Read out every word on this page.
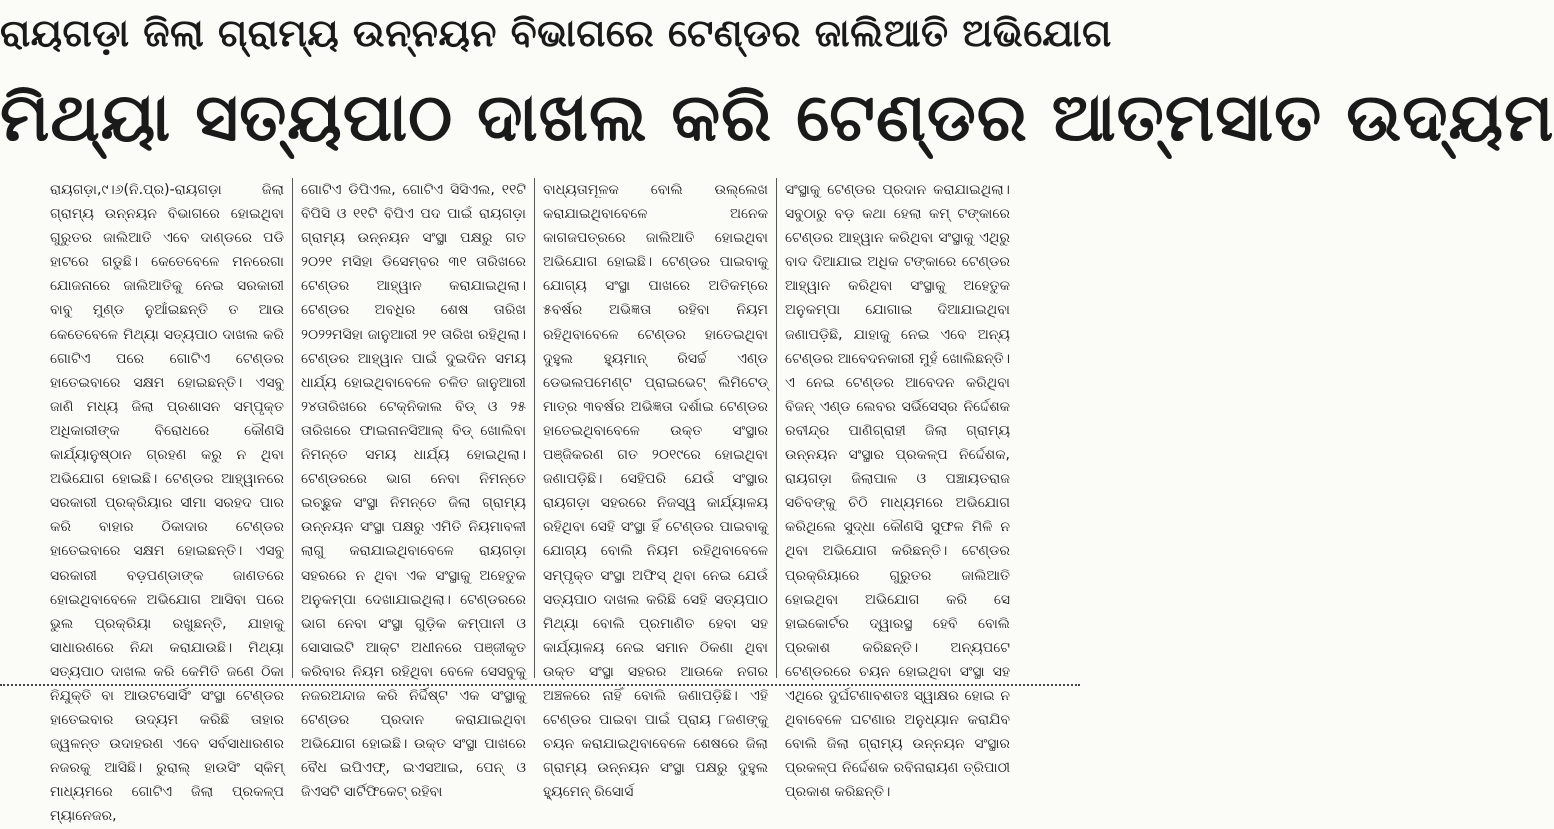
ରାୟଗଡ଼ା ଜିଲା ଗ୍ରାମ୍ୟ ଉନ୍ନୟନ ବିଭାଗରେ ଟେଣ୍ଡର ଜାଲିଆତି ଅଭିଯୋଗ
ମିଥ୍ୟା ସତ୍ୟପାଠ ଦାଖଲ କରି ଟେଣ୍ଡର ଆତ୍ମସାତ ଉଦ୍ୟମ
ରାୟଗଡ଼ା,୯।୬(ନି.ପ୍ର)-ରାୟଗଡ଼ା ଜିଲା ଗ୍ରାମ୍ୟ ଉନ୍ନୟନ ବିଭାଗରେ ହୋଇଥିବା ଗୁରୁତର ଜାଲିଆତି ଏବେ ଦାଣ୍ଡରେ ପଡି ହାଟରେ ଗଡୁଛି। କେତେବେଳେ ମନରେଗା ଯୋଜନାରେ ଜାଲିଆତିକୁ ନେଇ ସରକାରୀ ବାବୁ ମୁଣ୍ଡ ନୁଆଁଇଛନ୍ତି ତ ଆଉ କେତେବେଳେ ମିଥ୍ୟା ସତ୍ୟପାଠ ଦାଖଲ କରି ଗୋଟିଏ ପରେ ଗୋଟିଏ ଟେଣ୍ଡର ହାତେଇବାରେ ସକ୍ଷମ ହୋଇଛନ୍ତି। ଏସବୁ ଜାଣି ମଧ୍ୟ ଜିଲା ପ୍ରଶାସନ ସମ୍ପୃକ୍ତ ଅଧିକାରୀଙ୍କ ବିରୋଧରେ କୌଣସି କାର୍ଯ୍ୟାନୁଷ୍ଠାନ ଗ୍ରହଣ କରୁ ନ ଥିବା ଅଭିଯୋଗ ହୋଇଛି। ଟେଣ୍ଡର ଆହ୍ୱାନରେ ସରକାରୀ ପ୍ରକ୍ରିୟାର ସୀମା ସରହଦ ପାର କରି ବାହାର ଠିକାଦାର ଟେଣ୍ଡର ହାତେଇବାରେ ସକ୍ଷମ ହୋଇଛନ୍ତି। ଏସବୁ ସରକାରୀ ବଡ଼ପଣ୍ଡାଙ୍କ ଜାଣତରେ ହୋଇଥିବାବେଳେ ଅଭିଯୋଗ ଆସିବା ପରେ ଭୁଲ ପ୍ରକ୍ରିୟା ରଖୁଛନ୍ତି, ଯାହାକୁ ସାଧାରଣରେ ନିନ୍ଦା କରାଯାଉଛି। ମିଥ୍ୟା ସତ୍ୟପାଠ ଦାଖଲ କରି କେମିତି ଜଣେ ଠିକା ନିଯୁକ୍ତି ବା ଆଉଟସୋର୍ସିଂ ସଂସ୍ଥା ଟେଣ୍ଡର ହାତେଇବାର ଉଦ୍ୟମ କରିଛି ତାହାର ଜ୍ୱଳନ୍ତ ଉଦାହରଣ ଏବେ ସର୍ବସାଧାରଣର ନଜରକୁ ଆସିଛି। ରୁରାଲ୍ ହାଉସିଂ ସ୍କିମ୍ ମାଧ୍ୟମରେ ଗୋଟିଏ ଜିଲା ପ୍ରକଳ୍ପ ମ୍ୟାନେଜର,
ଗୋଟିଏ ଡିପିଏଲ, ଗୋଟିଏ ସିସିଏଲ, ୧୧ଟି ବିପିସି ଓ ୧୧ଟି ବିପିଏ ପଦ ପାଇଁ ରାୟଗଡ଼ା ଗ୍ରାମ୍ୟ ଉନ୍ନୟନ ସଂସ୍ଥା ପକ୍ଷରୁ ଗତ ୨୦୨୧ ମସିହା ଡିସେମ୍ବର ୩୧ ତାରିଖରେ ଟେଣ୍ଡର ଆହ୍ୱାନ କରାଯାଇଥିଲା। ଟେଣ୍ଡର ଅବଧିର ଶେଷ ତାରିଖ ୨୦୨୨ମସିହା ଜାନୁଆରୀ ୨୧ ତାରିଖ ରହିଥିଲା। ଟେଣ୍ଡର ଆହ୍ୱାନ ପାଇଁ ଦୁଇଦିନ ସମୟ ଧାର୍ଯ୍ୟ ହୋଇଥିବାବେଳେ ଚଳିତ ଜାନୁଆରୀ ୨୪ତାରିଖରେ ଟେକ୍ନିକାଲ ବିଡ୍ ଓ ୨୫ ତାରିଖରେ ଫାଇନାନସିଆଲ୍ ବିଡ୍ ଖୋଲିବା ନିମନ୍ତେ ସମୟ ଧାର୍ଯ୍ୟ ହୋଇଥିଲା। ଟେଣ୍ଡରରେ ଭାଗ ନେବା ନିମନ୍ତେ ଇଚ୍ଛୁକ ସଂସ୍ଥା ନିମନ୍ତେ ଜିଲା ଗ୍ରାମ୍ୟ ଉନ୍ନୟନ ସଂସ୍ଥା ପକ୍ଷରୁ ଏମିତି ନିୟମାବଳୀ ଲାଗୁ କରାଯାଇଥିବାବେଳେ ରାୟଗଡ଼ା ସହରରେ ନ ଥିବା ଏକ ସଂସ୍ଥାକୁ ଅହେତୁକ ଅନୁକମ୍ପା ଦେଖାଯାଇଥିଲା। ଟେଣ୍ଡରରେ ଭାଗ ନେବା ସଂସ୍ଥା ଗୁଡ଼ିକ କମ୍ପାନୀ ଓ ସୋସାଇଟି ଆକ୍ଟ ଅଧୀନରେ ପଞ୍ଜୀକୃତ କରିବାର ନିୟମ ରହିଥିବା ବେଳେ ସେସବୁକୁ ନଜରଅନ୍ଦାଜ କରି ନିର୍ଦ୍ଦିଷ୍ଟ ଏକ ସଂସ୍ଥାକୁ ଟେଣ୍ଡର ପ୍ରଦାନ କରାଯାଇଥିବା ଅଭିଯୋଗ ହୋଇଛି। ଉକ୍ତ ସଂସ୍ଥା ପାଖରେ ବୈଧ ଇପିଏଫ୍, ଇଏସଆଇ, ପେନ୍ ଓ ଜିଏସଟି ସାର୍ଟିଫିକେଟ୍ ରହିବା
ବାଧ୍ୟତାମୂଳକ ବୋଲି ଉଲ୍ଲେଖ କରାଯାଇଥିବାବେଳେ ଅନେକ କାଗଜପତ୍ରରେ ଜାଲିଆତି ହୋଇଥିବା ଅଭିଯୋଗ ହୋଇଛି। ଟେଣ୍ଡର ପାଇବାକୁ ଯୋଗ୍ୟ ସଂସ୍ଥା ପାଖରେ ଅତିକମ୍‌ରେ ୫ବର୍ଷର ଅଭିଜ୍ଞତା ରହିବା ନିୟମ ରହିଥିବାବେଳେ ଟେଣ୍ଡର ହାତେଇଥିବା ଦୁହୁଲ ହ୍ୟୁମାନ୍ ରିସର୍ଚ୍ଚ ଏଣ୍ଡ ଡେଭଲପମେଣ୍ଟ ପ୍ରାଇଭେଟ୍ ଲିମିଟେଡ୍ ମାତ୍ର ୩ବର୍ଷର ଅଭିଜ୍ଞତା ଦର୍ଶାଇ ଟେଣ୍ଡର ହାତେଇଥିବାବେଳେ ଉକ୍ତ ସଂସ୍ଥାର ପଞ୍ଜିକରଣ ଗତ ୨୦୧୯ରେ ହୋଇଥିବା ଜଣାପଡ଼ିଛି। ସେହିପରି ଯେଉଁ ସଂସ୍ଥାର ରାୟଗଡ଼ା ସହରରେ ନିଜସ୍ୱ କାର୍ଯ୍ୟାଳୟ ରହିଥିବା ସେହି ସଂସ୍ଥା ହିଁ ଟେଣ୍ଡର ପାଇବାକୁ ଯୋଗ୍ୟ ବୋଲି ନିୟମ ରହିଥିବାବେଳେ ସମ୍ପୃକ୍ତ ସଂସ୍ଥା ଅଫିସ୍ ଥିବା ନେଇ ଯେଉଁ ସତ୍ୟପାଠ ଦାଖଲ କରିଛି ସେହି ସତ୍ୟପାଠ ମିଥ୍ୟା ବୋଲି ପ୍ରମାଣିତ ହେବା ସହ କାର୍ଯ୍ୟାଳୟ ନେଇ ସମାନ ଠିକଣା ଥିବା ଉକ୍ତ ସଂସ୍ଥା ସହରର ଆଉକେ ନଗର ଅଞ୍ଚଳରେ ନାହିଁ ବୋଲି ଜଣାପଡ଼ିଛି। ଏହି ଟେଣ୍ଡର ପାଇବା ପାଇଁ ପ୍ରାୟ ୮ଜଣଙ୍କୁ ଚୟନ କରାଯାଇଥିବାବେଳେ ଶେଷରେ ଜିଲା ଗ୍ରାମ୍ୟ ଉନ୍ନୟନ ସଂସ୍ଥା ପକ୍ଷରୁ ଦୁହୁଲ ହ୍ୟୁମେନ୍ ରିସୋର୍ସ
ସଂସ୍ଥାକୁ ଟେଣ୍ଡର ପ୍ରଦାନ କରାଯାଇଥିଲା। ସବୁଠାରୁ ବଡ଼ କଥା ହେଲା କମ୍ ଟଙ୍କାରେ ଟେଣ୍ଡର ଆହ୍ୱାନ କରିଥିବା ସଂସ୍ଥାକୁ ଏଥିରୁ ବାଦ ଦିଆଯାଇ ଅଧିକ ଟଙ୍କାରେ ଟେଣ୍ଡର ଆହ୍ୱାନ କରିଥିବା ସଂସ୍ଥାକୁ ଅହେତୁକ ଅନୁକମ୍ପା ଯୋଗାଇ ଦିଆଯାଇଥିବା ଜଣାପଡ଼ିଛି, ଯାହାକୁ ନେଇ ଏବେ ଅନ୍ୟ ଟେଣ୍ଡର ଆବେଦନକାରୀ ମୁହଁ ଖୋଲିଛନ୍ତି। ଏ ନେଇ ଟେଣ୍ଡର ଆବେଦନ କରିଥିବା ବିଜନ୍ ଏଣ୍ଡ ଲେବର ସର୍ଭିସେସ୍‌ର ନିର୍ଦ୍ଦେଶକ ରବୀନ୍ଦ୍ର ପାଣିଗ୍ରାହୀ ଜିଲା ଗ୍ରାମ୍ୟ ଉନ୍ନୟନ ସଂସ୍ଥାର ପ୍ରକଳ୍ପ ନିର୍ଦ୍ଦେଶକ, ରାୟଗଡ଼ା ଜିଲାପାଳ ଓ ପଞ୍ଚାୟତରାଜ ସଚିବଙ୍କୁ ଚିଠି ମାଧ୍ୟମରେ ଅଭିଯୋଗ କରିଥିଲେ ସୁଦ୍ଧା କୌଣସି ସୁଫଳ ମିଳି ନ ଥିବା ଅଭିଯୋଗ କରିଛନ୍ତି। ଟେଣ୍ଡର ପ୍ରକ୍ରିୟାରେ ଗୁରୁତର ଜାଲିଆତି ହୋଇଥିବା ଅଭିଯୋଗ କରି ସେ ହାଇକୋର୍ଟର ଦ୍ୱାରସ୍ଥ ହେବି ବୋଲି ପ୍ରକାଶ କରିଛନ୍ତି। ଅନ୍ୟପଟେ ଟେଣ୍ଡରରେ ଚୟନ ହୋଇଥିବା ସଂସ୍ଥା ସହ ଏଥିରେ ଦୁର୍ଘଟଣାବଶତଃ ସ୍ୱାକ୍ଷର ହୋଇ ନ ଥିବାବେଳେ ଘଟଣାର ଅନୁଧ୍ୟାନ କରାଯିବ ବୋଲି ଜିଲା ଗ୍ରାମ୍ୟ ଉନ୍ନୟନ ସଂସ୍ଥାର ପ୍ରକଳ୍ପ ନିର୍ଦ୍ଦେଶକ ରବିନାରାୟଣ ତ୍ରିପାଠୀ ପ୍ରକାଶ କରିଛନ୍ତି।
